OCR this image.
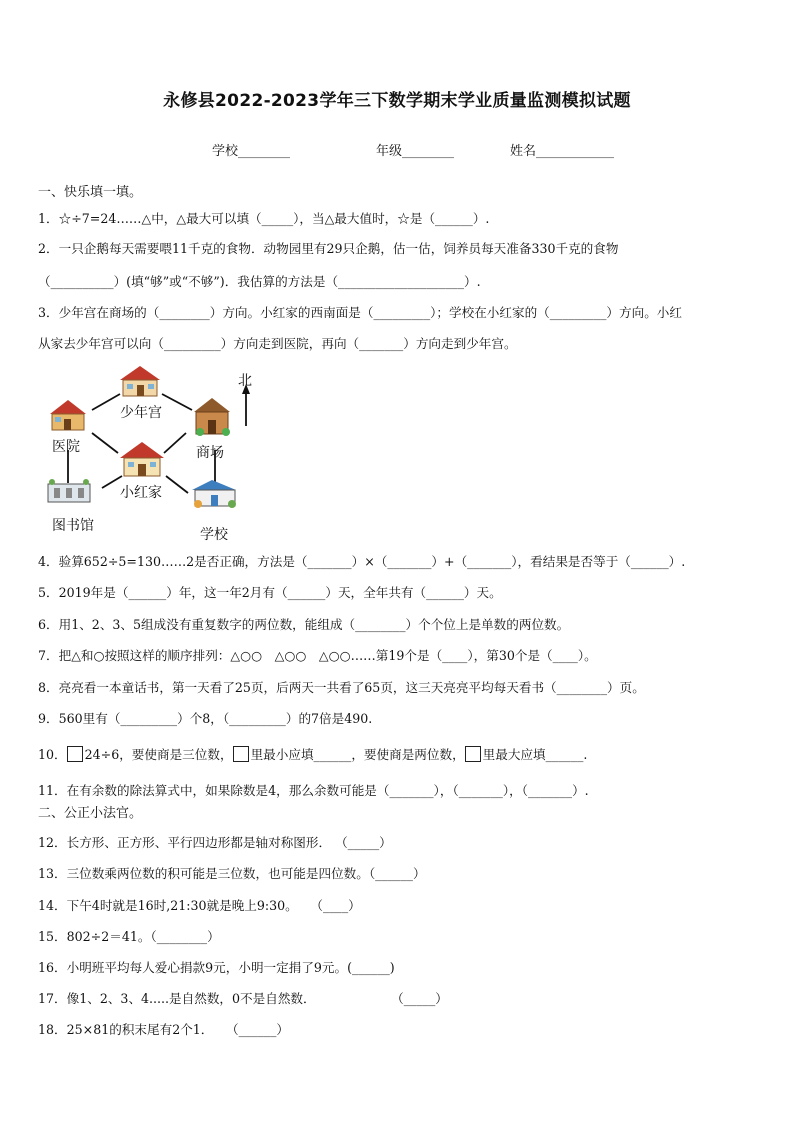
永修县2022-2023学年三下数学期末学业质量监测模拟试题
学校________	年级________	姓名____________
一、快乐填一填。
1．☆÷7=24……△中，△最大可以填（_____），当△最大值时，☆是（______）.
2．一只企鹅每天需要喂11千克的食物．动物园里有29只企鹅，估一估，饲养员每天准备330千克的食物
（__________）(填“够”或“不够”)．我估算的方法是（____________________）.
3．少年宫在商场的（________）方向。小红家的西南面是（_________）；学校在小红家的（_________）方向。小红
从家去少年宫可以向（_________）方向走到医院，再向（_______）方向走到少年宫。
北
少年宫
医院	商场
小红家
图书馆
学校
4．验算652÷5=130……2是否正确，方法是（_______）×（_______）+（_______），看结果是否等于（______）.
5．2019年是（______）年，这一年2月有（______）天，全年共有（______）天。
6．用1、2、3、5组成没有重复数字的两位数，能组成（________）个个位上是单数的两位数。
7．把△和○按照这样的顺序排列：△○○　△○○　△○○……第19个是（____），第30个是（____）。
8．亮亮看一本童话书，第一天看了25页，后两天一共看了65页，这三天亮亮平均每天看书（________）页。
9．560里有（_________）个8，（_________）的7倍是490.
10． 24÷6，要使商是三位数， 里最小应填______，要使商是两位数， 里最大应填______.
11．在有余数的除法算式中，如果除数是4，那么余数可能是（_______），（_______），（_______）.
二、公正小法官。
12．长方形、正方形、平行四边形都是轴对称图形． （_____）
13．三位数乘两位数的积可能是三位数，也可能是四位数。（______）
14．下午4时就是16时,21:30就是晚上9:30。　　（____）
15．802÷2＝41。（________）
16．小明班平均每人爱心捐款9元，小明一定捐了9元。(______)
17．像1、2、3、4.....是自然数，0不是自然数．　　　　　　　（_____）
18．25×81的积末尾有2个1．　　（______）
